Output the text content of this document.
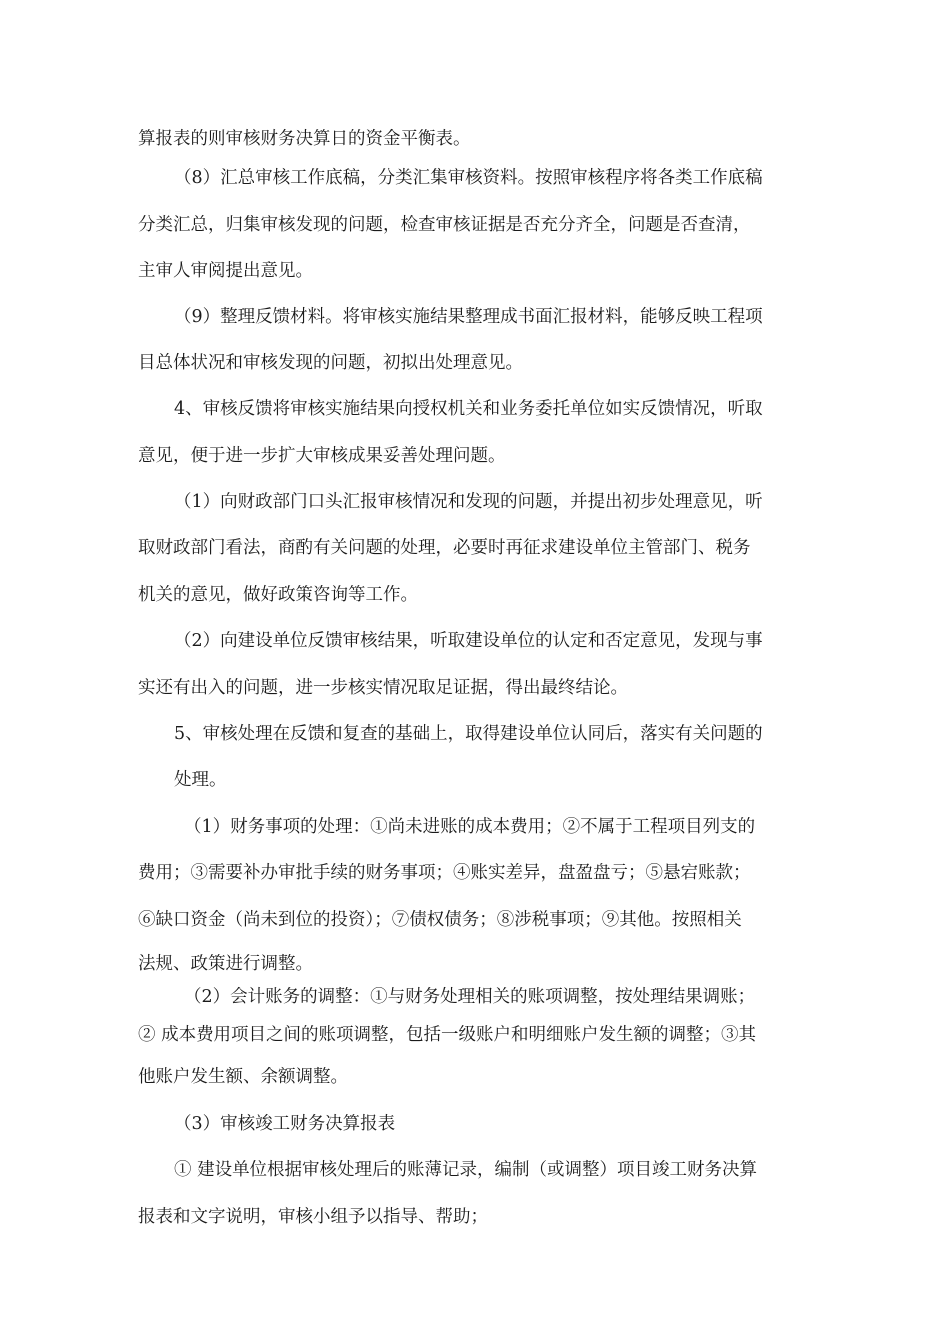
算报表的则审核财务决算日的资金平衡表。
（8）汇总审核工作底稿，分类汇集审核资料。按照审核程序将各类工作底稿
分类汇总，归集审核发现的问题，检查审核证据是否充分齐全，问题是否查清，
主审人审阅提出意见。
（9）整理反馈材料。将审核实施结果整理成书面汇报材料，能够反映工程项
目总体状况和审核发现的问题，初拟出处理意见。
4、审核反馈将审核实施结果向授权机关和业务委托单位如实反馈情况，听取
意见，便于进一步扩大审核成果妥善处理问题。
（1）向财政部门口头汇报审核情况和发现的问题，并提出初步处理意见，听
取财政部门看法，商酌有关问题的处理，必要时再征求建设单位主管部门、税务
机关的意见，做好政策咨询等工作。
（2）向建设单位反馈审核结果，听取建设单位的认定和否定意见，发现与事
实还有出入的问题，进一步核实情况取足证据，得出最终结论。
5、审核处理在反馈和复查的基础上，取得建设单位认同后，落实有关问题的
处理。
（1）财务事项的处理：①尚未进账的成本费用；②不属于工程项目列支的
费用；③需要补办审批手续的财务事项；④账实差异，盘盈盘亏；⑤悬宕账款；
⑥缺口资金（尚未到位的投资）；⑦债权债务；⑧涉税事项；⑨其他。按照相关
法规、政策进行调整。
（2）会计账务的调整：①与财务处理相关的账项调整，按处理结果调账；
② 成本费用项目之间的账项调整，包括一级账户和明细账户发生额的调整；③其
他账户发生额、余额调整。
（3）审核竣工财务决算报表
① 建设单位根据审核处理后的账薄记录，编制（或调整）项目竣工财务决算
报表和文字说明，审核小组予以指导、帮助；
